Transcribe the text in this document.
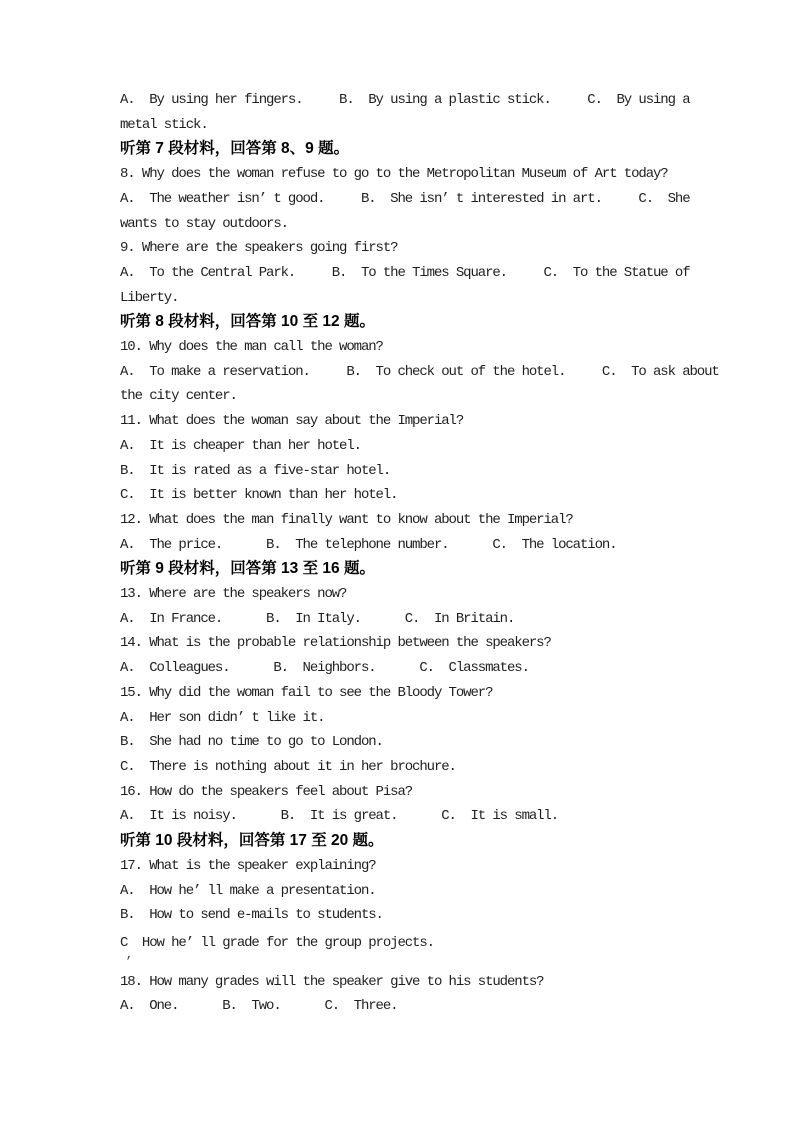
A.  By using her fingers.     B.  By using a plastic stick.     C.  By using a
metal stick.
听第 7 段材料，回答第 8、9 题。
8. Why does the woman refuse to go to the Metropolitan Museum of Art today?
A.  The weather isn’ t good.     B.  She isn’ t interested in art.     C.  She
wants to stay outdoors.
9. Where are the speakers going first?
A.  To the Central Park.     B.  To the Times Square.     C.  To the Statue of
Liberty.
听第 8 段材料，回答第 10 至 12 题。
10. Why does the man call the woman?
A.  To make a reservation.     B.  To check out of the hotel.     C.  To ask about
the city center.
11. What does the woman say about the Imperial?
A.  It is cheaper than her hotel.
B.  It is rated as a five-star hotel.
C.  It is better known than her hotel.
12. What does the man finally want to know about the Imperial?
A.  The price.      B.  The telephone number.      C.  The location.
听第 9 段材料，回答第 13 至 16 题。
13. Where are the speakers now?
A.  In France.      B.  In Italy.      C.  In Britain.
14. What is the probable relationship between the speakers?
A.  Colleagues.      B.  Neighbors.      C.  Classmates.
15. Why did the woman fail to see the Bloody Tower?
A.  Her son didn’ t like it.
B.  She had no time to go to London.
C.  There is nothing about it in her brochure.
16. How do the speakers feel about Pisa?
A.  It is noisy.      B.  It is great.      C.  It is small.
听第 10 段材料，回答第 17 至 20 题。
17. What is the speaker explaining?
A.  How he’ ll make a presentation.
B.  How to send e-mails to students.
C  How he’ ll grade for the group projects.
’
18. How many grades will the speaker give to his students?
A.  One.      B.  Two.      C.  Three.
